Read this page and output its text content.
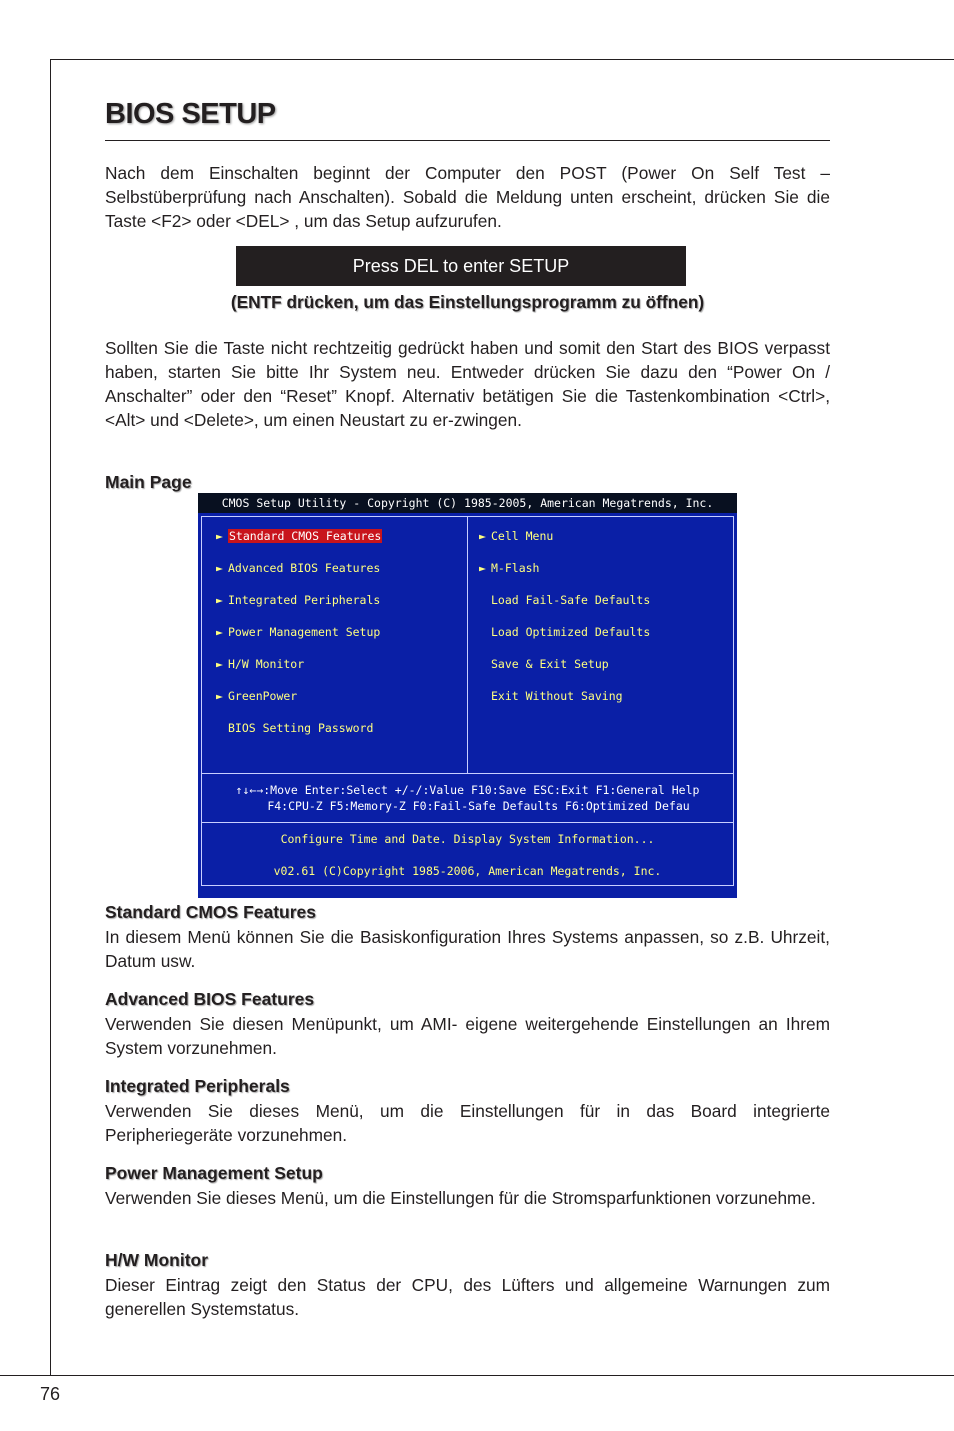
BIOS SETUP

Nach dem Einschalten beginnt der Computer den POST (Power On Self Test – Selbstüberprüfung nach Anschalten). Sobald die Meldung unten erscheint, drücken Sie die Taste <F2> oder <DEL> , um das Setup aufzurufen.

Press DEL to enter SETUP
(ENTF drücken, um das Einstellungsprogramm zu öffnen)

Sollten Sie die Taste nicht rechtzeitig gedrückt haben und somit den Start des BIOS verpasst haben, starten Sie bitte Ihr System neu. Entweder drücken Sie dazu den “Power On / Anschalter” oder den “Reset” Knopf. Alternativ betätigen Sie die Tastenkombination <Ctrl>, <Alt> und <Delete>, um einen Neustart zu er-zwingen.

Main Page
CMOS Setup Utility - Copyright (C) 1985-2005, American Megatrends, Inc.
► Standard CMOS Features
► Advanced BIOS Features
► Integrated Peripherals
► Power Management Setup
► H/W Monitor
► GreenPower
BIOS Setting Password
► Cell Menu
► M-Flash
Load Fail-Safe Defaults
Load Optimized Defaults
Save & Exit Setup
Exit Without Saving
↑↓←→:Move Enter:Select +/-/:Value F10:Save ESC:Exit F1:General Help
F4:CPU-Z F5:Memory-Z F0:Fail-Safe Defaults F6:Optimized Defau
Configure Time and Date. Display System Information...
v02.61 (C)Copyright 1985-2006, American Megatrends, Inc.
Standard CMOS Features

In diesem Menü können Sie die Basiskonfiguration Ihres Systems anpassen, so z.B. Uhrzeit, Datum usw.

Advanced BIOS Features

Verwenden Sie diesen Menüpunkt, um AMI- eigene weitergehende Einstellungen an Ihrem System vorzunehmen.

Integrated Peripherals

Verwenden Sie dieses Menü, um die Einstellungen für in das Board integrierte Peripheriegeräte vorzunehmen.

Power Management Setup

Verwenden Sie dieses Menü, um die Einstellungen für die Stromsparfunktionen vorzunehme.

H/W Monitor

Dieser Eintrag zeigt den Status der CPU, des Lüfters und allgemeine Warnungen zum generellen Systemstatus.

76
